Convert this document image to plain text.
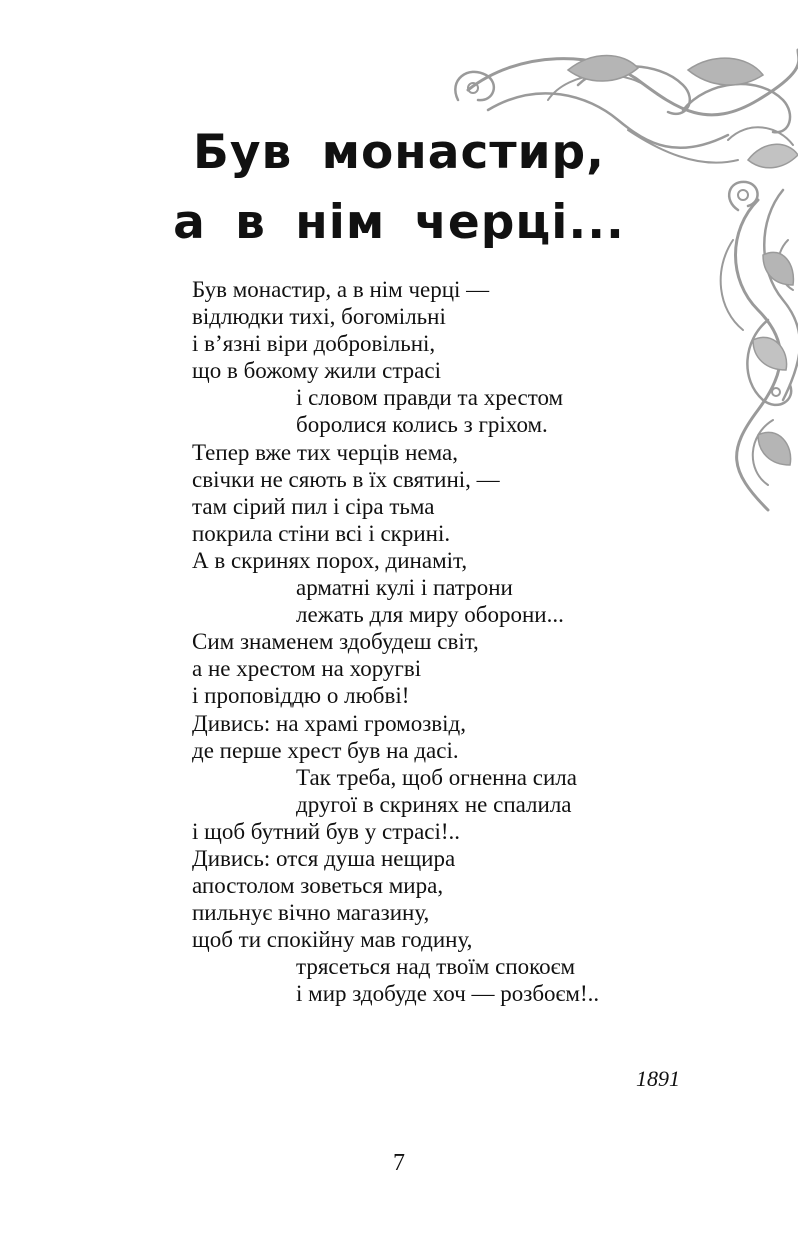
Був монастир,
а в нім черці...
Був монастир, а в нім черці —
відлюдки тихі, богомільні
і в’язні віри добровільні,
що в божому жили страсі
і словом правди та хрестом
боролися колись з гріхом.
Тепер вже тих черців нема,
свічки не сяють в їх святині, —
там сірий пил і сіра тьма
покрила стіни всі і скрині.
А в скринях порох, динаміт,
арматні кулі і патрони
лежать для миру оборони...
Сим знаменем здобудеш світ,
а не хрестом на хоругві
і проповіддю о любві!
Дивись: на храмі громозвід,
де перше хрест був на дасі.
Так треба, щоб огненна сила
другої в скринях не спалила
і щоб бутний був у страсі!..
Дивись: отся душа нещира
апостолом зоветься мира,
пильнує вічно магазину,
щоб ти спокійну мав годину,
трясеться над твоїм спокоєм
і мир здобуде хоч — розбоєм!..
1891
7
